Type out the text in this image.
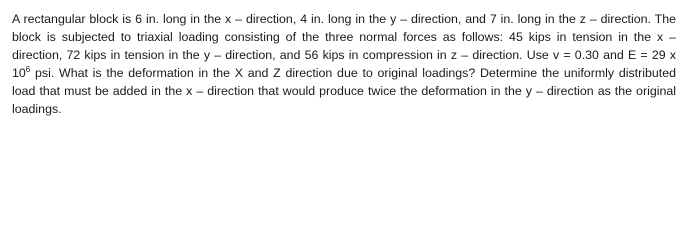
A rectangular block is 6 in. long in the x – direction, 4 in. long in the y – direction, and 7 in. long in the z – direction. The block is subjected to triaxial loading consisting of the three normal forces as follows: 45 kips in tension in the x – direction, 72 kips in tension in the y – direction, and 56 kips in compression in z – direction. Use v = 0.30 and E = 29 x $10^6$ psi. What is the deformation in the X and Z direction due to original loadings? Determine the uniformly distributed load that must be added in the x – direction that would produce twice the deformation in the y – direction as the original loadings.
